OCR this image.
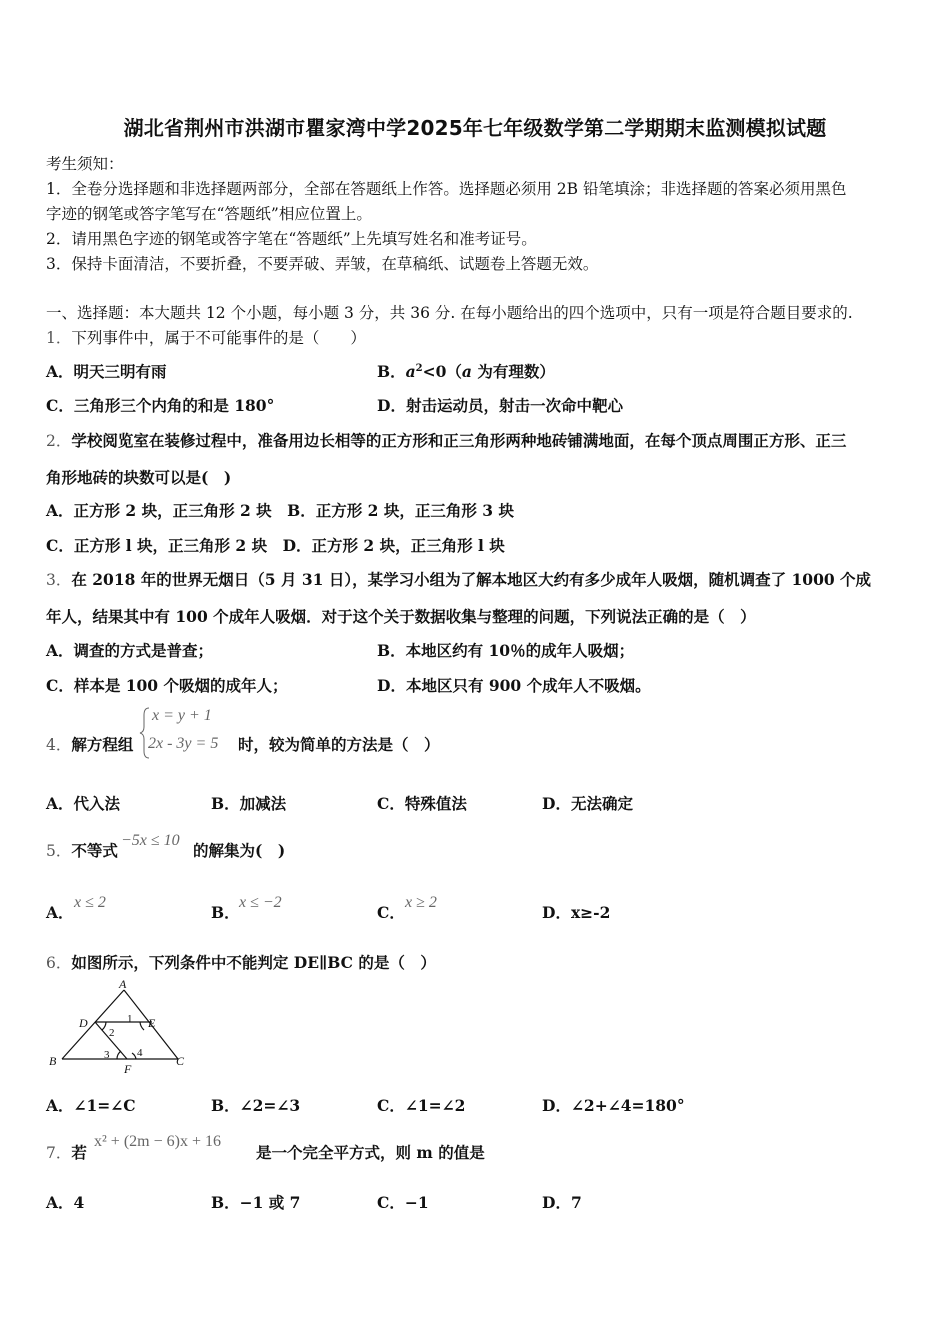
湖北省荆州市洪湖市瞿家湾中学2025年七年级数学第二学期期末监测模拟试题
考生须知：
1．全卷分选择题和非选择题两部分，全部在答题纸上作答。选择题必须用 2B 铅笔填涂；非选择题的答案必须用黑色
字迹的钢笔或答字笔写在“答题纸”相应位置上。
2．请用黑色字迹的钢笔或答字笔在“答题纸”上先填写姓名和准考证号。
3．保持卡面清洁，不要折叠，不要弄破、弄皱，在草稿纸、试题卷上答题无效。
一、选择题：本大题共 12 个小题，每小题 3 分，共 36 分. 在每小题给出的四个选项中，只有一项是符合题目要求的.
1．下列事件中，属于不可能事件的是（　　）
A．明天三明有雨	B．$a^2<0(a$ 为有理数）
C．三角形三个内角的和是 180°	D．射击运动员，射击一次命中靶心
2．学校阅览室在装修过程中，准备用边长相等的正方形和正三角形两种地砖铺满地面，在每个顶点周围正方形、正三
角形地砖的块数可以是(　)
A．正方形 2 块，正三角形 2 块　B．正方形 2 块，正三角形 3 块
C．正方形 l 块，正三角形 2 块　D．正方形 2 块，正三角形 l 块
3．在 2018 年的世界无烟日（5 月 31 日），某学习小组为了解本地区大约有多少成年人吸烟，随机调查了 1000 个成
年人，结果其中有 100 个成年人吸烟．对于这个关于数据收集与整理的问题，下列说法正确的是（　）
A．调查的方式是普查；	B．本地区约有 10％的成年人吸烟；
C．样本是 100 个吸烟的成年人；	D．本地区只有 900 个成年人不吸烟。
4．解方程组
x = y + 1
2x - 3y = 5 时，较为简单的方法是（　）
A．代入法	B．加减法	C．特殊值法	D．无法确定
5．不等式
−5x ≤ 10
的解集为(　)
A．
x ≤ 2
B．
x ≤ −2
C．
x ≥ 2
D．x≥-2
6．如图所示，下列条件中不能判定 DE∥BC 的是（　）
A
B	C
D	E
F
1
2
3	4
A．∠1=∠C	B．∠2=∠3	C．∠1=∠2	D．∠2+∠4=180°
7．若
x² + (2m − 6)x + 16
是一个完全平方式，则 m 的值是
A．4	B．−1 或 7	C．−1	D．7
